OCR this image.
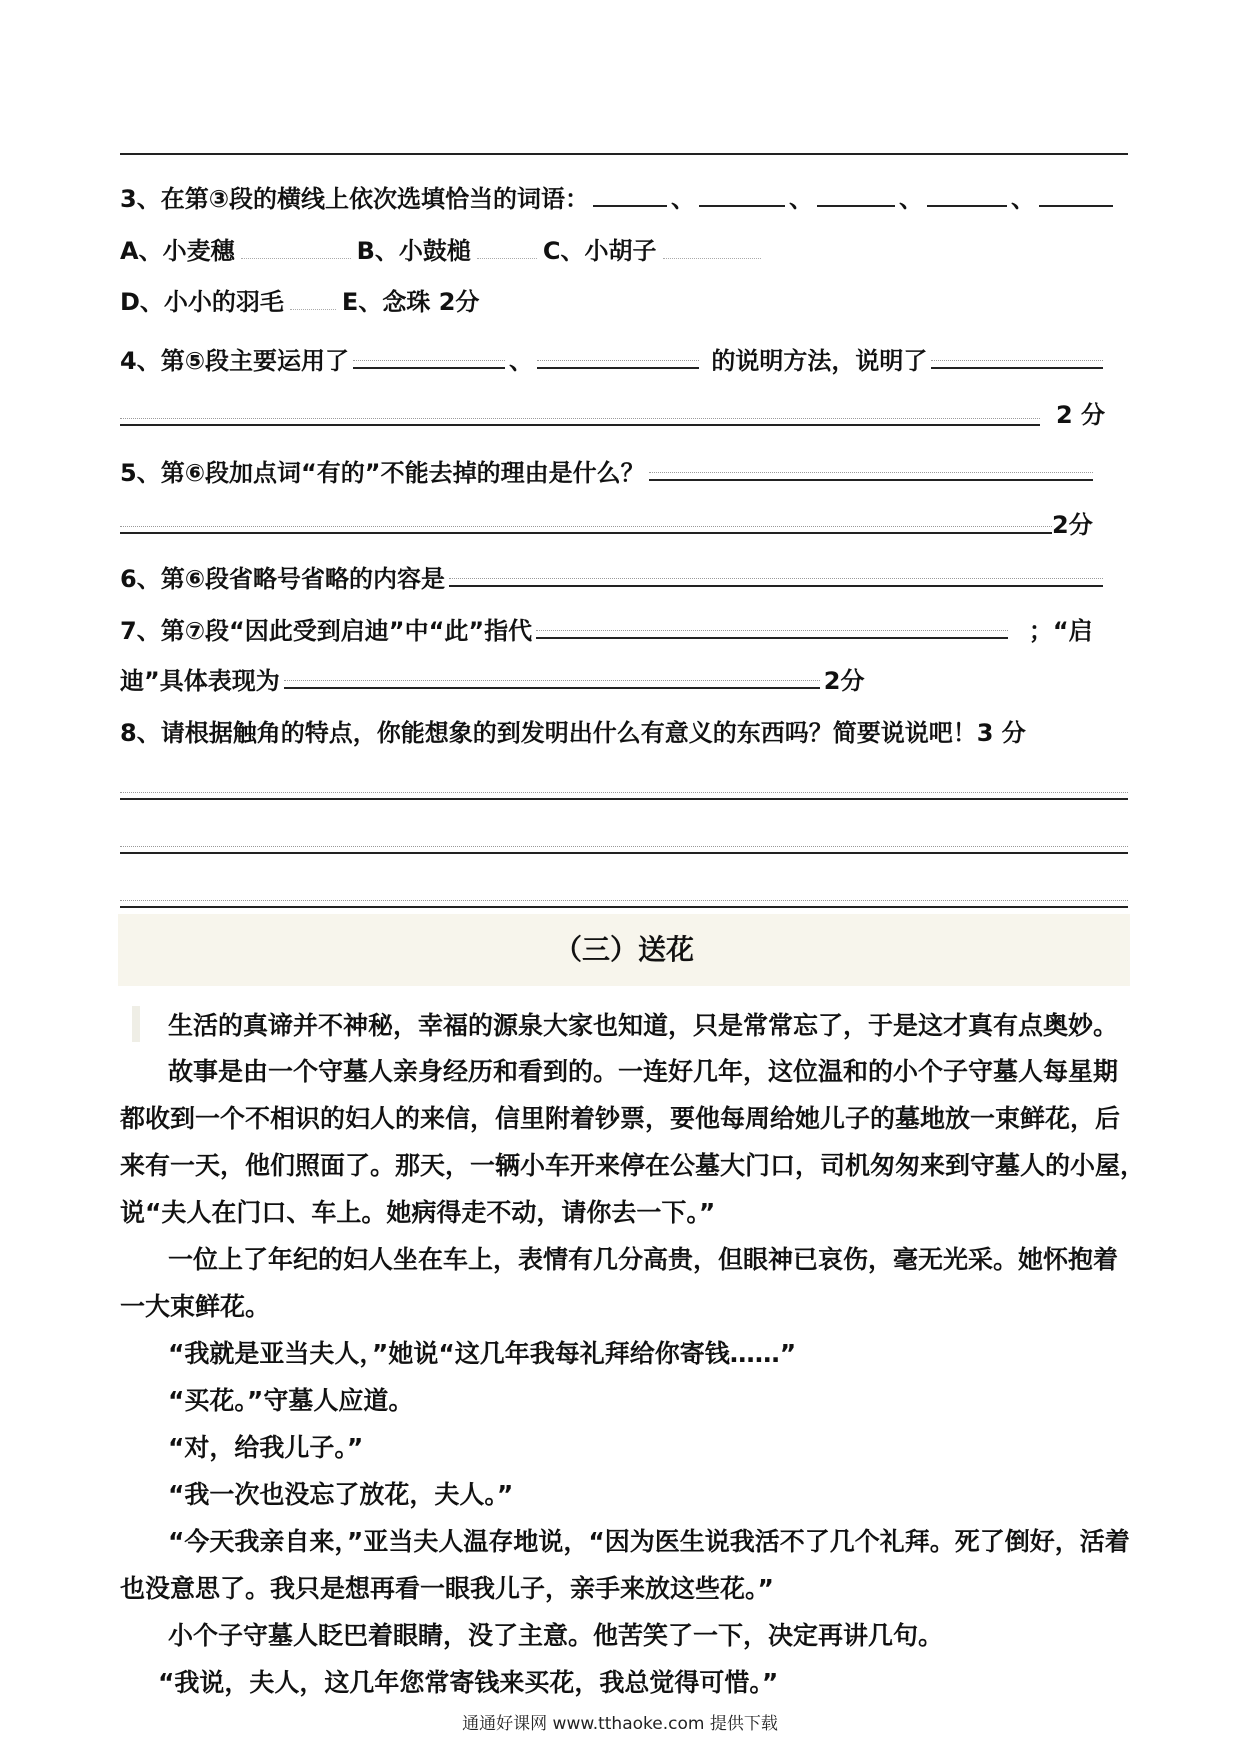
3、在第③段的横线上依次选填恰当的词语：	、	、	、	、
A、小麦穗	B、小鼓槌	C、小胡子
D、小小的羽毛 E、念珠 2分
4、第⑤段主要运用了	、	的说明方法，说明了
2 分
5、第⑥段加点词“有的”不能去掉的理由是什么？
2分
6、第⑥段省略号省略的内容是
7、第⑦段“因此受到启迪”中“此”指代	；“启
迪”具体表现为	2分
8、请根据触角的特点，你能想象的到发明出什么有意义的东西吗？简要说说吧！3 分
（三）送花
生活的真谛并不神秘，幸福的源泉大家也知道，只是常常忘了，于是这才真有点奥妙。
故事是由一个守墓人亲身经历和看到的。一连好几年，这位温和的小个子守墓人每星期
都收到一个不相识的妇人的来信，信里附着钞票，要他每周给她儿子的墓地放一束鲜花，后
来有一天，他们照面了。那天，一辆小车开来停在公墓大门口，司机匆匆来到守墓人的小屋，
说“夫人在门口、车上。她病得走不动，请你去一下。”
一位上了年纪的妇人坐在车上，表情有几分高贵，但眼神已哀伤，毫无光采。她怀抱着
一大束鲜花。
“我就是亚当夫人，”她说“这几年我每礼拜给你寄钱……”
“买花。”守墓人应道。
“对，给我儿子。”
“我一次也没忘了放花，夫人。”
“今天我亲自来，”亚当夫人温存地说，“因为医生说我活不了几个礼拜。死了倒好，活着
也没意思了。我只是想再看一眼我儿子，亲手来放这些花。”
小个子守墓人眨巴着眼睛，没了主意。他苦笑了一下，决定再讲几句。
“我说，夫人，这几年您常寄钱来买花，我总觉得可惜。”
通通好课网 www.tthaoke.com 提供下载
